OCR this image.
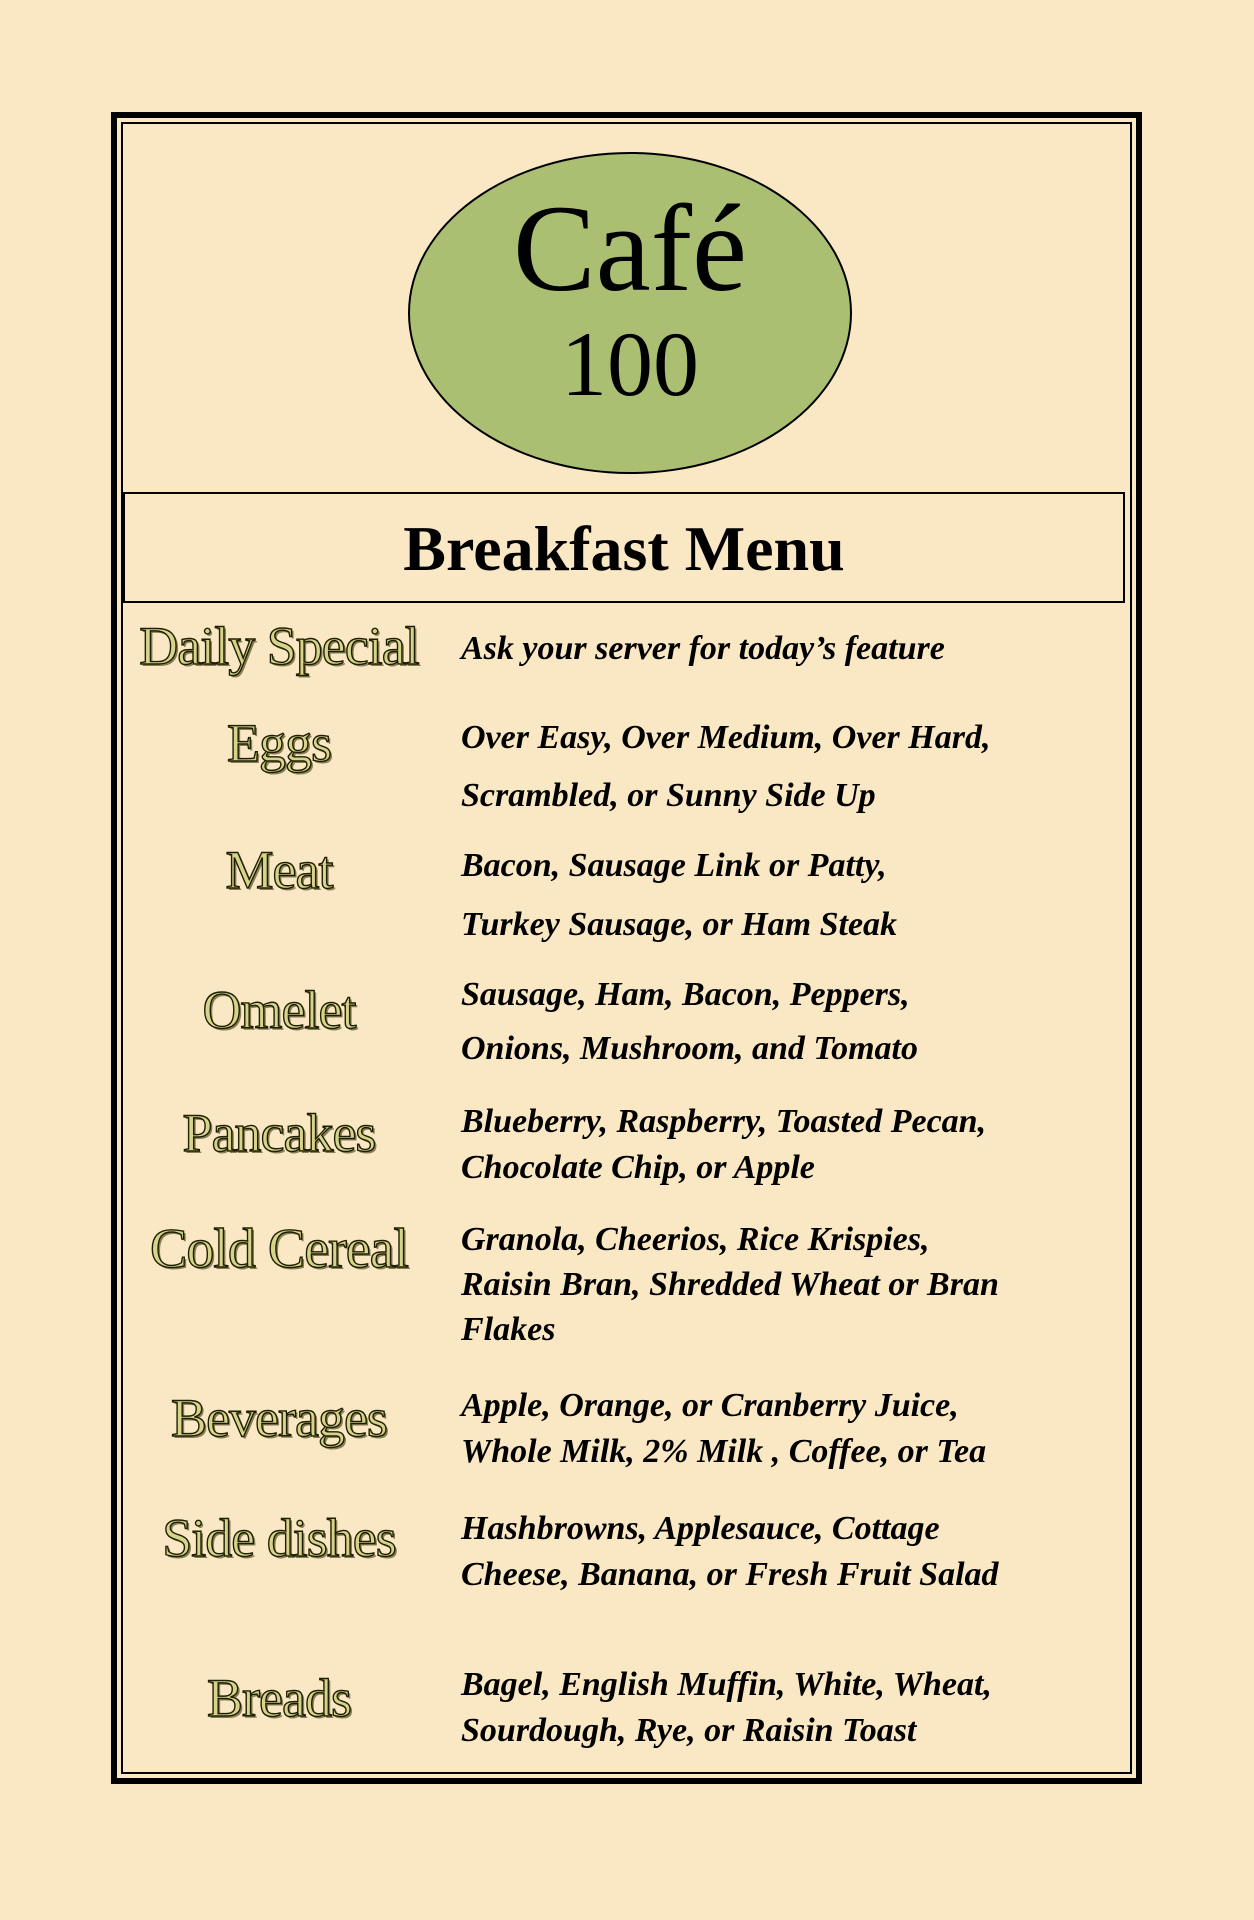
Café
100
Breakfast Menu
Daily Special	Ask your server for today’s feature
Eggs	Over Easy, Over Medium, Over Hard,
Scrambled, or Sunny Side Up
Meat	Bacon, Sausage Link or Patty,
Turkey Sausage, or Ham Steak
Omelet	Sausage, Ham, Bacon, Peppers,
Onions, Mushroom, and Tomato
Pancakes	Blueberry, Raspberry, Toasted Pecan,
Chocolate Chip, or Apple
Cold Cereal	Granola, Cheerios, Rice Krispies,
Raisin Bran, Shredded Wheat or Bran
Flakes
Beverages	Apple, Orange, or Cranberry Juice,
Whole Milk, 2% Milk , Coffee, or Tea
Side dishes	Hashbrowns, Applesauce, Cottage
Cheese, Banana, or Fresh Fruit Salad
Breads	Bagel, English Muffin, White, Wheat,
Sourdough, Rye, or Raisin Toast
